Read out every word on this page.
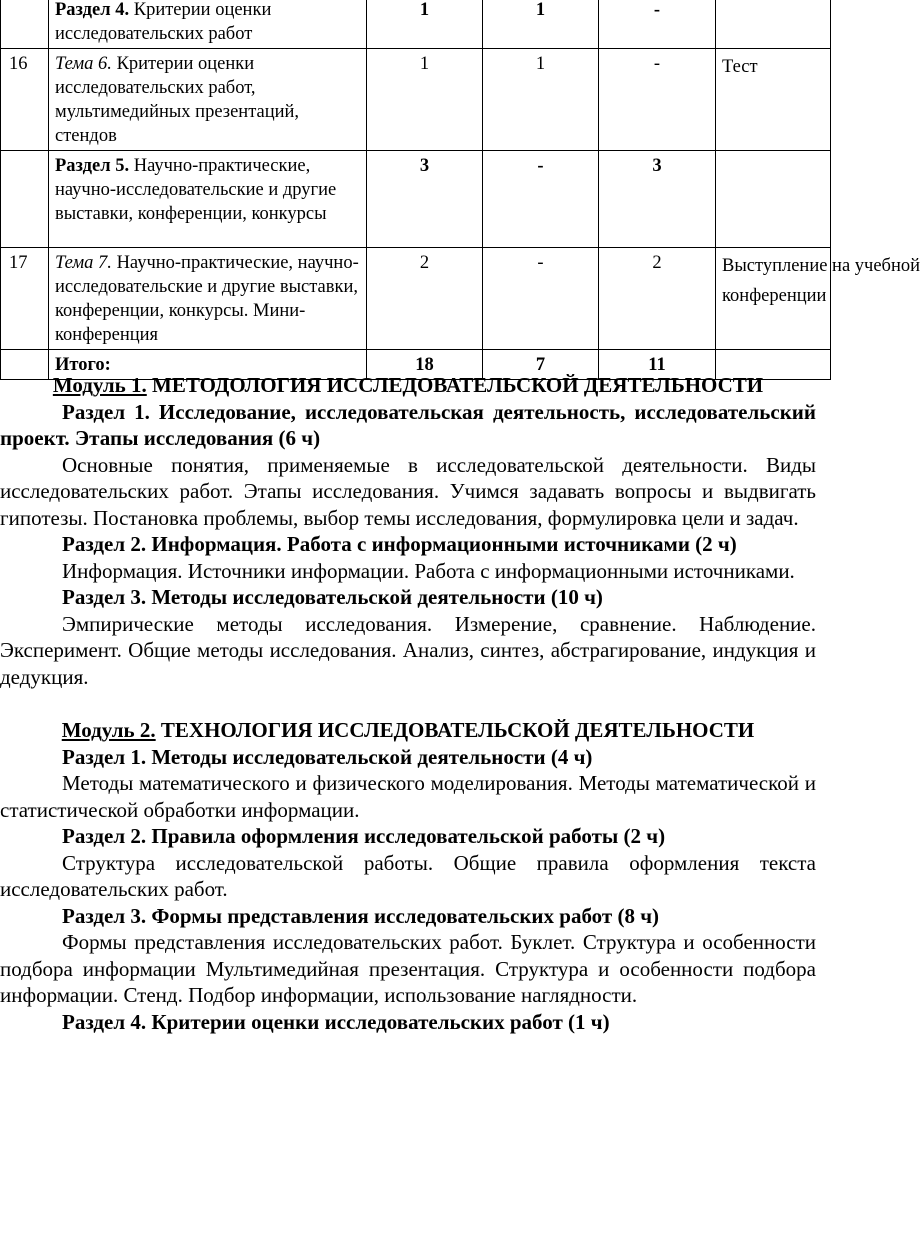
	Раздел 4. Критерии оценки исследовательских работ	1	1	-	
16	Тема 6. Критерии оценки исследовательских работ, мультимедийных презентаций, стендов	1	1	-	Тест
	Раздел 5. Научно-практические, научно-исследовательские и другие выставки, конференции, конкурсы	3	-	3	
17	Тема 7. Научно-практические, научно-исследовательские и другие выставки, конференции, конкурсы. Мини-конференция	2	-	2	Выступление на учебной конференции

	Итого:	18	7	11	

Модуль 1. МЕТОДОЛОГИЯ ИССЛЕДОВАТЕЛЬСКОЙ ДЕЯТЕЛЬНОСТИ

Раздел 1. Исследование, исследовательская деятельность, исследовательский проект. Этапы исследования (6 ч)

Основные понятия, применяемые в исследовательской деятельности. Виды исследовательских работ. Этапы исследования. Учимся задавать вопросы и выдвигать гипотезы. Постановка проблемы, выбор темы исследования, формулировка цели и задач.

Раздел 2. Информация. Работа с информационными источниками (2 ч)

Информация. Источники информации. Работа с информационными источниками.

Раздел 3. Методы исследовательской деятельности (10 ч)

Эмпирические методы исследования. Измерение, сравнение. Наблюдение. Эксперимент. Общие методы исследования. Анализ, синтез, абстрагирование, индукция и дедукция.

Модуль 2. ТЕХНОЛОГИЯ ИССЛЕДОВАТЕЛЬСКОЙ ДЕЯТЕЛЬНОСТИ

Раздел 1. Методы исследовательской деятельности (4 ч)

Методы математического и физического моделирования. Методы математической и статистической обработки информации.

Раздел 2. Правила оформления исследовательской работы (2 ч)

Структура исследовательской работы. Общие правила оформления текста исследовательских работ.

Раздел 3. Формы представления исследовательских работ (8 ч)

Формы представления исследовательских работ. Буклет. Структура и особенности подбора информации Мультимедийная презентация. Структура и особенности подбора информации. Стенд. Подбор информации, использование наглядности.

Раздел 4. Критерии оценки исследовательских работ (1 ч)
